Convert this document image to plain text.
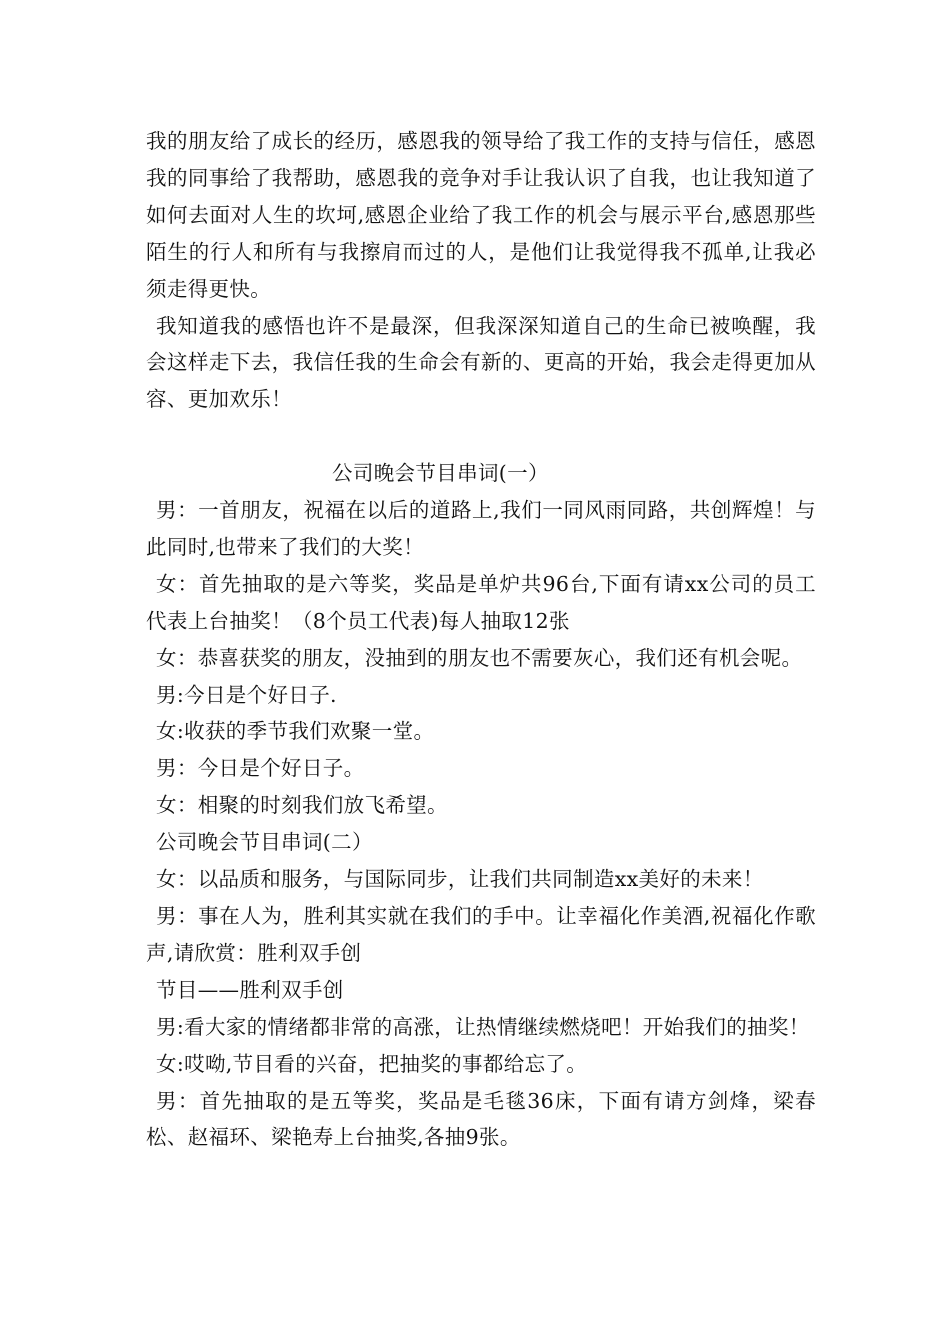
我的朋友给了成长的经历，感恩我的领导给了我工作的支持与信任，感恩我的同事给了我帮助，感恩我的竞争对手让我认识了自我，也让我知道了如何去面对人生的坎坷,感恩企业给了我工作的机会与展示平台,感恩那些陌生的行人和所有与我擦肩而过的人，是他们让我觉得我不孤单,让我必须走得更快。

我知道我的感悟也许不是最深，但我深深知道自己的生命已被唤醒，我会这样走下去，我信任我的生命会有新的、更高的开始，我会走得更加从容、更加欢乐！

公司晚会节目串词(一）

男：一首朋友，祝福在以后的道路上,我们一同风雨同路，共创辉煌！与此同时,也带来了我们的大奖！

女：首先抽取的是六等奖，奖品是单炉共96台,下面有请xx公司的员工代表上台抽奖！（8个员工代表)每人抽取12张

女：恭喜获奖的朋友，没抽到的朋友也不需要灰心，我们还有机会呢。

男:今日是个好日子.

女:收获的季节我们欢聚一堂。

男：今日是个好日子。

女：相聚的时刻我们放飞希望。

公司晚会节目串词(二）

女：以品质和服务，与国际同步，让我们共同制造xx美好的未来！

男：事在人为，胜利其实就在我们的手中。让幸福化作美酒,祝福化作歌声,请欣赏：胜利双手创

节目——胜利双手创

男:看大家的情绪都非常的高涨，让热情继续燃烧吧！开始我们的抽奖！

女:哎呦,节目看的兴奋，把抽奖的事都给忘了。

男：首先抽取的是五等奖，奖品是毛毯36床，下面有请方剑烽，梁春松、赵福环、梁艳寿上台抽奖,各抽9张。
